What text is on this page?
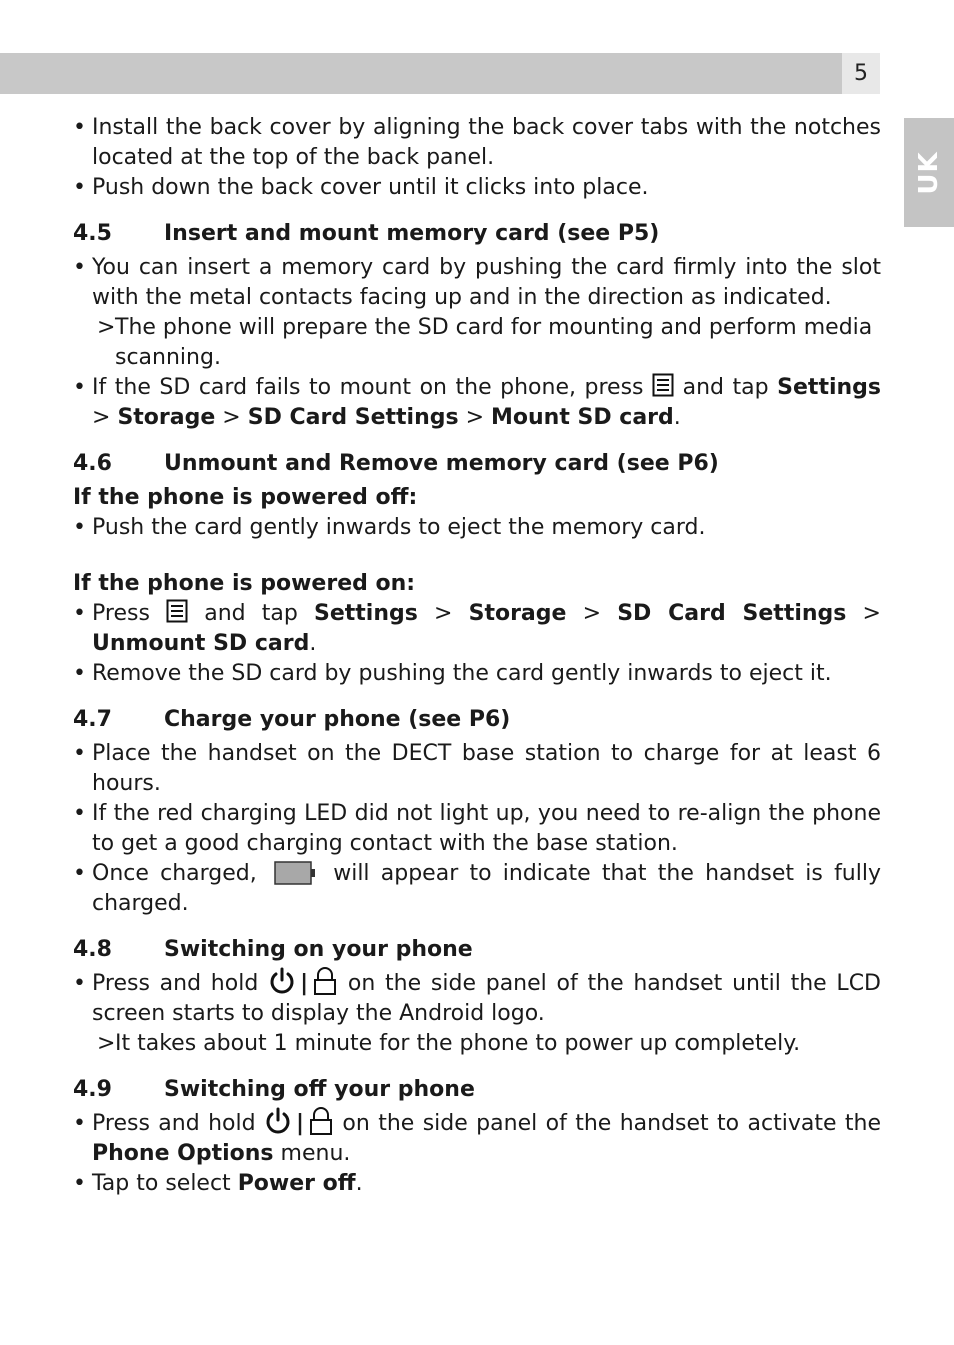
5
UK
• Install the back cover by aligning the back cover tabs with the notches located at the top of the back panel.
• Push down the back cover until it clicks into place.
4.5	Insert and mount memory card (see P5)
• You can insert a memory card by pushing the card firmly into the slot with the metal contacts facing up and in the direction as indicated.
> The phone will prepare the SD card for mounting and perform media scanning.
• If the SD card fails to mount on the phone, press and tap Settings > Storage > SD Card Settings > Mount SD card.
4.6	Unmount and Remove memory card (see P6)
If the phone is powered off:
• Push the card gently inwards to eject the memory card.
If the phone is powered on:
• Press and tap Settings > Storage > SD Card Settings > Unmount SD card.
• Remove the SD card by pushing the card gently inwards to eject it.
4.7	Charge your phone (see P6)
• Place the handset on the DECT base station to charge for at least 6 hours.
• If the red charging LED did not light up, you need to re-align the phone to get a good charging contact with the base station.
• Once charged,	will appear to indicate that the handset is fully charged.
4.8	Switching on your phone
• Press and hold | on the side panel of the handset until the LCD screen starts to display the Android logo.
> It takes about 1 minute for the phone to power up completely.
4.9	Switching off your phone
• Press and hold | on the side panel of the handset to activate the Phone Options menu.
• Tap to select Power off.
